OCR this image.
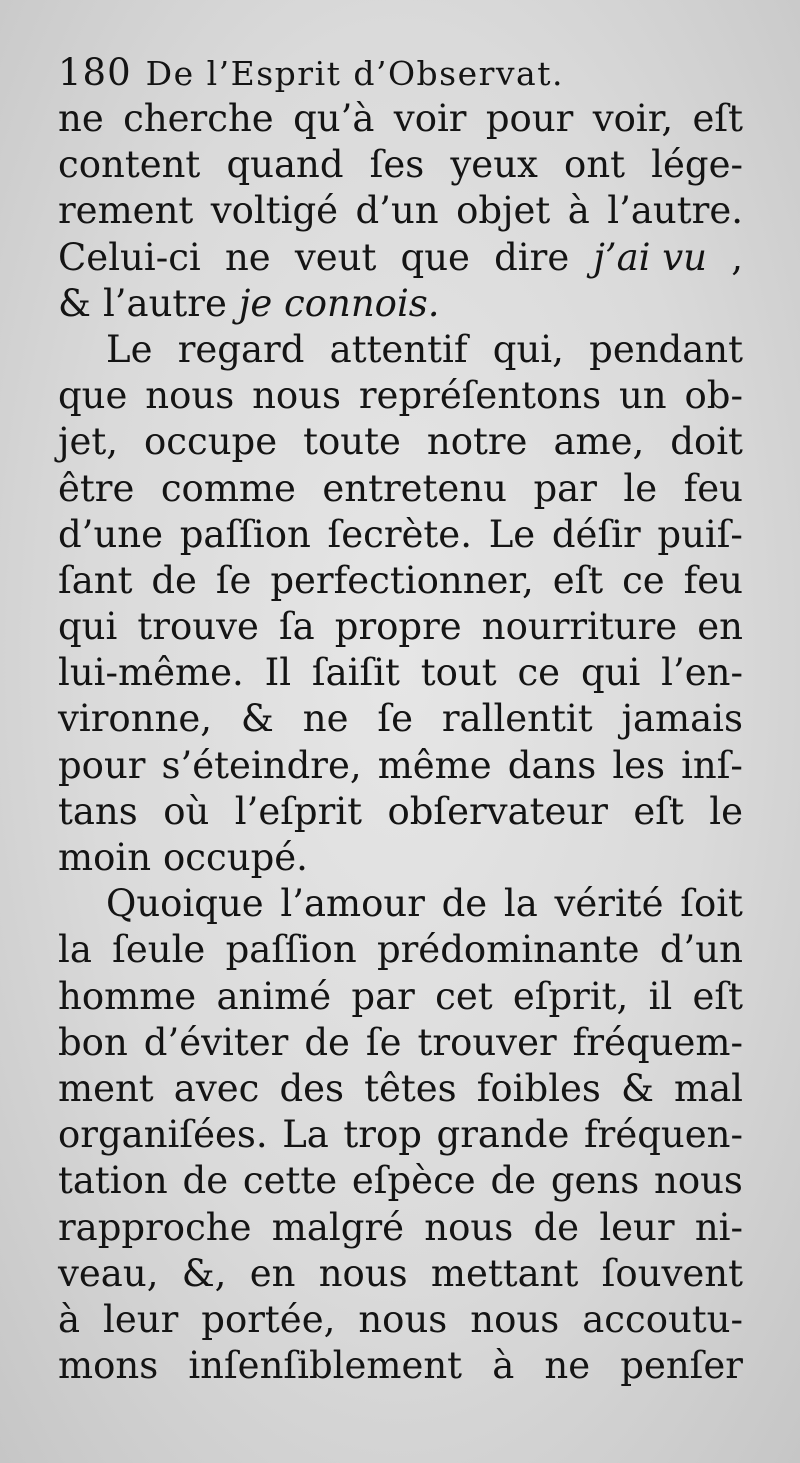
180 De l’Esprit d’Observat.
ne cherche qu’à voir pour voir, eſt
content quand ſes yeux ont lége-
rement voltigé d’un objet à l’autre.
Celui-ci ne veut que dire j’ai vu ,
& l’autre je connois.
Le regard attentif qui, pendant
que nous nous repréſentons un ob-
jet, occupe toute notre ame, doit
être comme entretenu par le feu
d’une paſſion ſecrète. Le déſir puiſ-
ſant de ſe perfectionner, eſt ce feu
qui trouve ſa propre nourriture en
lui-même. Il ſaiſit tout ce qui l’en-
vironne, & ne ſe rallentit jamais
pour s’éteindre, même dans les inſ-
tans où l’eſprit obſervateur eſt le
moin occupé.
Quoique l’amour de la vérité ſoit
la ſeule paſſion prédominante d’un
homme animé par cet eſprit, il eſt
bon d’éviter de ſe trouver fréquem-
ment avec des têtes foibles & mal
organiſées. La trop grande fréquen-
tation de cette eſpèce de gens nous
rapproche malgré nous de leur ni-
veau, &, en nous mettant ſouvent
à leur portée, nous nous accoutu-
mons inſenſiblement à ne penſer
